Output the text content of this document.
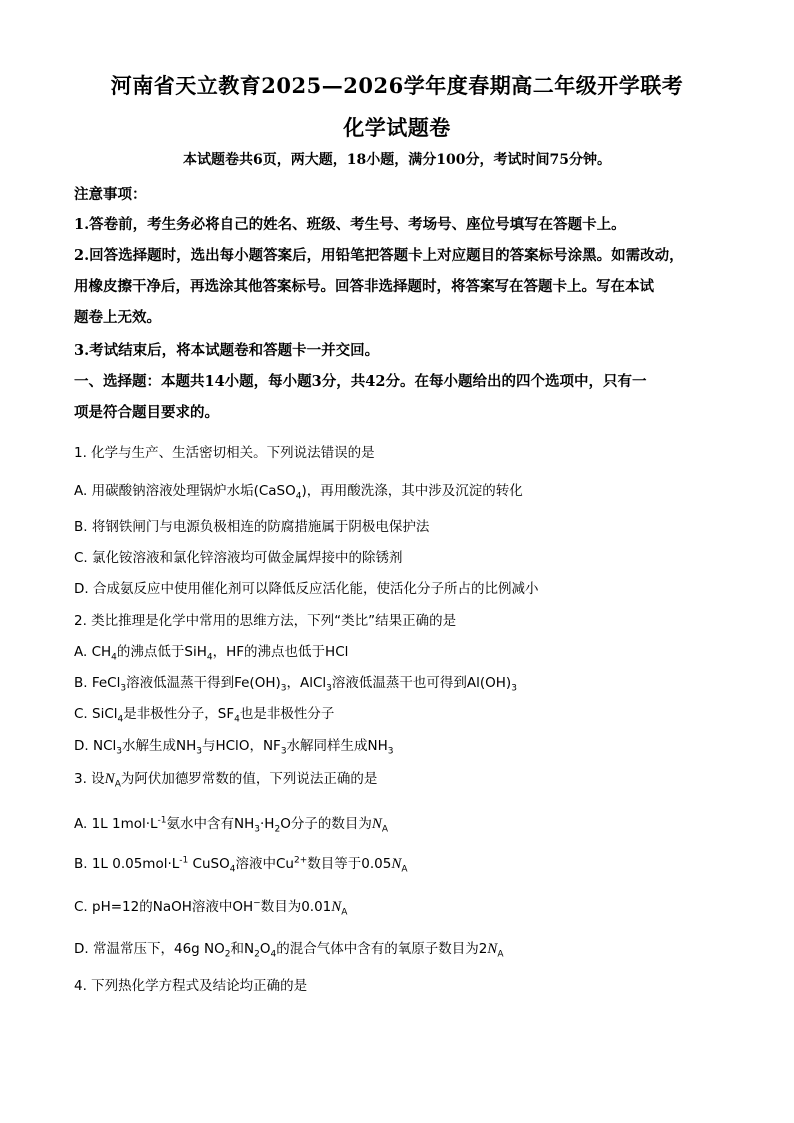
河南省天立教育2025—2026学年度春期高二年级开学联考
化学试题卷
本试题卷共6页，两大题，18小题，满分100分，考试时间75分钟。
注意事项：
1.答卷前，考生务必将自己的姓名、班级、考生号、考场号、座位号填写在答题卡上。
2.回答选择题时，选出每小题答案后，用铅笔把答题卡上对应题目的答案标号涂黑。如需改动，
用橡皮擦干净后，再选涂其他答案标号。回答非选择题时，将答案写在答题卡上。写在本试
题卷上无效。
3.考试结束后，将本试题卷和答题卡一并交回。
一、选择题：本题共14小题，每小题3分，共42分。在每小题给出的四个选项中，只有一
项是符合题目要求的。
1. 化学与生产、生活密切相关。下列说法错误的是
A. 用碳酸钠溶液处理锅炉水垢(CaSO$_4$)，再用酸洗涤，其中涉及沉淀的转化
B. 将钢铁闸门与电源负极相连的防腐措施属于阴极电保护法
C. 氯化铵溶液和氯化锌溶液均可做金属焊接中的除锈剂
D. 合成氨反应中使用催化剂可以降低反应活化能，使活化分子所占的比例减小
2. 类比推理是化学中常用的思维方法，下列“类比”结果正确的是
A. $CH_4$的沸点低于SiH$_4$，HF的沸点也低于HCl
B. FeCl$_3$溶液低温蒸干得到$Fe(OH)_3$，AlCl$_3$溶液低温蒸干也可得到$Al(OH)_3$
C. SiCl$_4$是非极性分子，$SF_4$也是非极性分子
D. NCl$_3$水解生成$NH_3$与HClO，$NF_3$水解同样生成$NH_3$
3. 设$N_A$为阿伏加德罗常数的值，下列说法正确的是
A. 1L $1mol\cdot L^{-1}$氨水中含有$NH_3\cdot H_2O$分子的数目为$N_A$
B. 1L $0.05mol\cdot L^{-1}$ CuSO$_4$溶液中$Cu^{2+}$数目等于$0.05N_A$
C. pH=12的NaOH溶液中OH−数目为$0.01N_A$
D. 常温常压下，46g $NO_2$和$N_2O_4$的混合气体中含有的氧原子数目为$2N_A$
4. 下列热化学方程式及结论均正确的是
